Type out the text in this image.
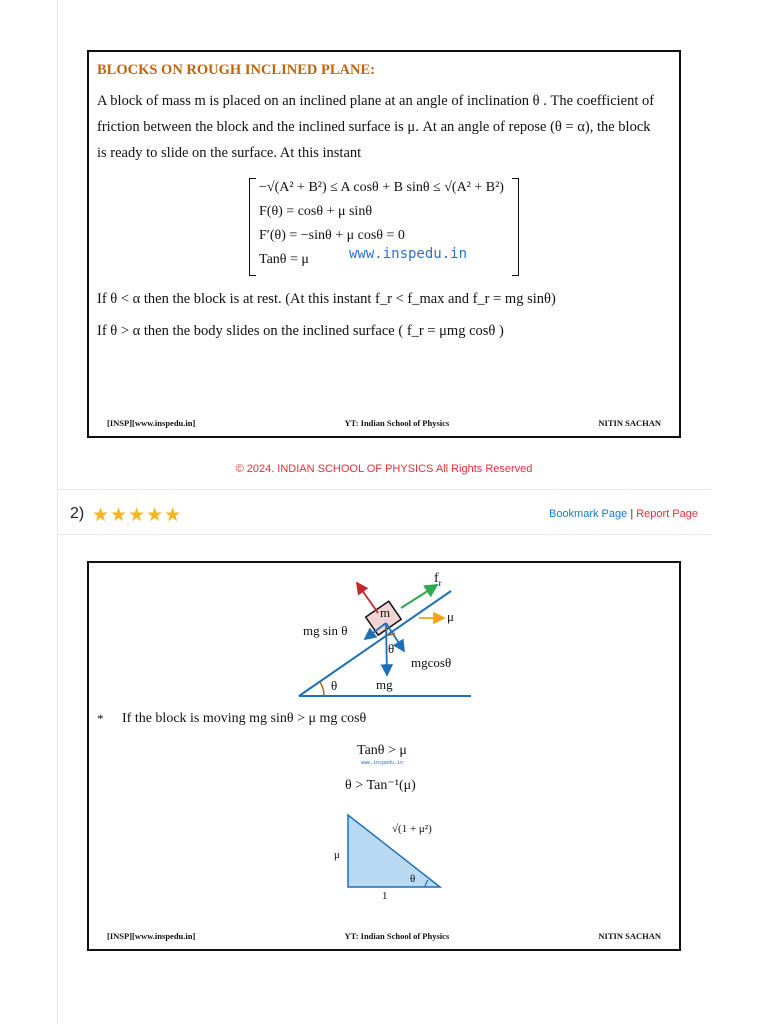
BLOCKS ON ROUGH INCLINED PLANE:
A block of mass m is placed on an inclined plane at an angle of inclination θ . The coefficient of
friction between the block and the inclined surface is μ. At an angle of repose (θ = α), the block
is ready to slide on the surface. At this instant
−√(A² + B²) ≤ A cosθ + B sinθ ≤ √(A² + B²)
F(θ) = cosθ + μ sinθ
F′(θ) = −sinθ + μ cosθ = 0
www.inspedu.in
Tanθ = μ
If θ < α then the block is at rest. (At this instant f_r < f_max and f_r = mg sinθ)
If θ > α then the body slides on the inclined surface ( f_r = μmg cosθ )
[INSP][www.inspedu.in]	YT: Indian School of Physics	NITIN SACHAN
© 2024. INDIAN SCHOOL OF PHYSICS All Rights Reserved
2) ★★★★★	Bookmark Page | Report Page
$f_r$
m	μ
mg sin θ
θ
mgcosθ
mg
θ
* If the block is moving mg sinθ > μ mg cosθ
Tanθ > μ
www.inspedu.in
θ > Tan⁻¹(μ)
√(1 + μ²)
μ
θ
1
[INSP][www.inspedu.in]	YT: Indian School of Physics	NITIN SACHAN
